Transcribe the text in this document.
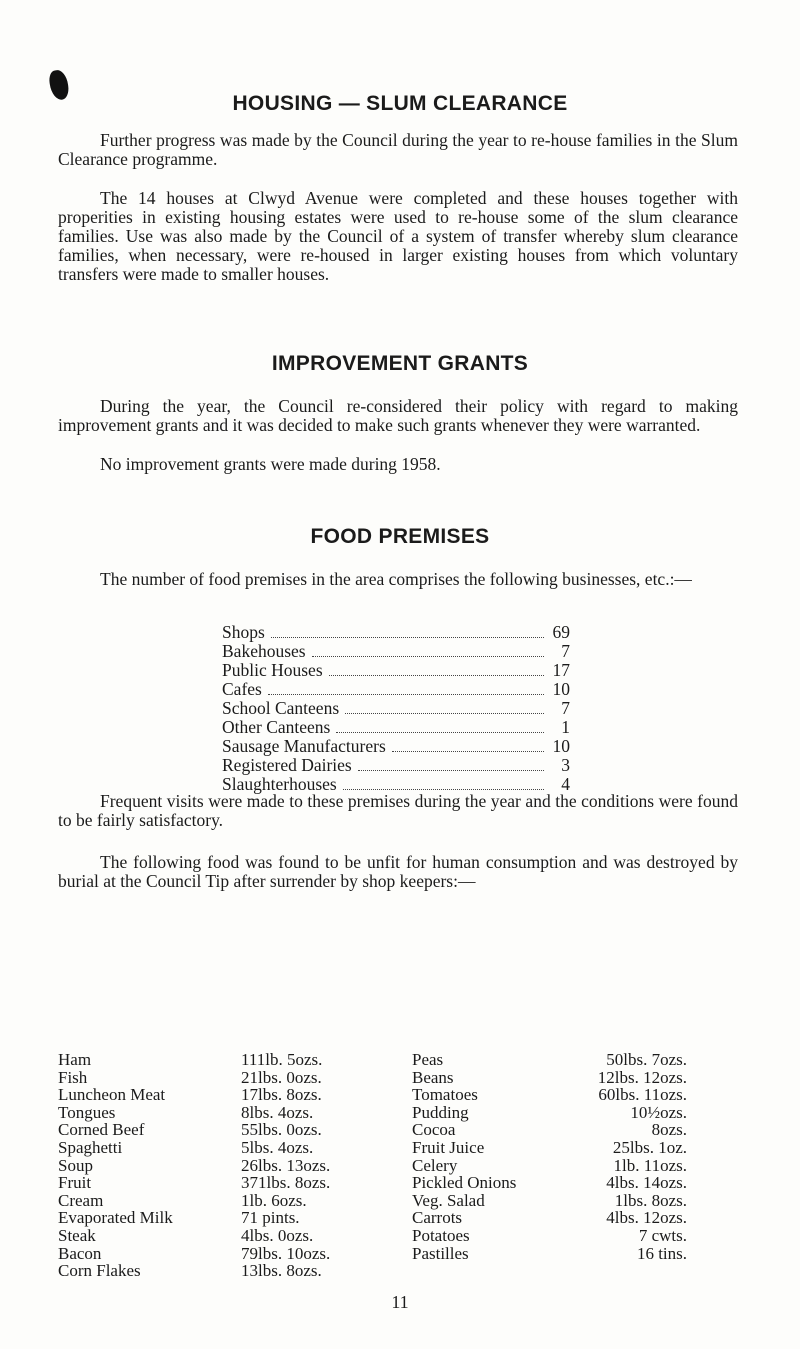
HOUSING — SLUM CLEARANCE
Further progress was made by the Council during the year to re-house families in the Slum Clearance programme.
The 14 houses at Clwyd Avenue were completed and these houses together with properities in existing housing estates were used to re-house some of the slum clearance families. Use was also made by the Council of a system of transfer whereby slum clearance families, when necessary, were re-housed in larger existing houses from which voluntary transfers were made to smaller houses.
IMPROVEMENT GRANTS
During the year, the Council re-considered their policy with regard to making improvement grants and it was decided to make such grants whenever they were warranted.
No improvement grants were made during 1958.
FOOD PREMISES
The number of food premises in the area comprises the following businesses, etc.:—
Shops	69
Bakehouses	7
Public Houses	17
Cafes	10
School Canteens	7
Other Canteens	1
Sausage Manufacturers	10
Registered Dairies	3
Slaughterhouses	4
Frequent visits were made to these premises during the year and the conditions were found to be fairly satisfactory.
The following food was found to be unfit for human consumption and was destroyed by burial at the Council Tip after surrender by shop keepers:—
Ham	111lb. 5ozs.
Fish	21lbs. 0ozs.
Luncheon Meat	17lbs. 8ozs.
Tongues	8lbs. 4ozs.
Corned Beef	55lbs. 0ozs.
Spaghetti	5lbs. 4ozs.
Soup	26lbs. 13ozs.
Fruit	371lbs. 8ozs.
Cream	1lb. 6ozs.
Evaporated Milk	71 pints.
Steak	4lbs. 0ozs.
Bacon	79lbs. 10ozs.
Corn Flakes	13lbs. 8ozs.
Peas	50lbs. 7ozs.
Beans	12lbs. 12ozs.
Tomatoes	60lbs. 11ozs.
Pudding	10½ozs.
Cocoa	8ozs.
Fruit Juice	25lbs. 1oz.
Celery	1lb. 11ozs.
Pickled Onions	4lbs. 14ozs.
Veg. Salad	1lbs. 8ozs.
Carrots	4lbs. 12ozs.
Potatoes	7 cwts.
Pastilles	16 tins.
11
